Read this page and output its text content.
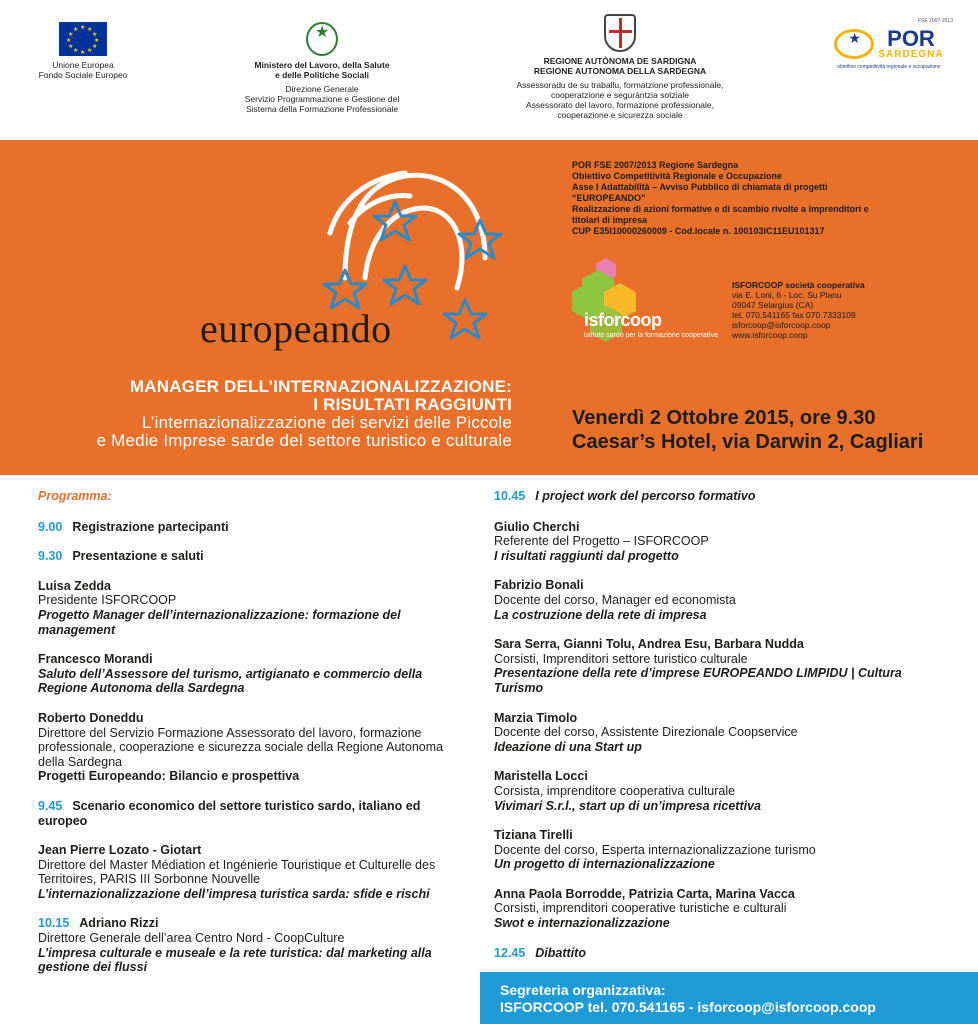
★ ★
★
★
★
★
★
★
★
★
★
★
Unione Europea
Fondo Sociale Europeo
★
Ministero del Lavoro, della Salute
e delle Politiche Sociali
Direzione Generale
Servizio Programmazione e Gestione del
Sistema della Formazione Professionale
REGIONE AUTÒNOMA DE SARDIGNA
REGIONE AUTONOMA DELLA SARDEGNA
Assessoradu de su traballu, formatzione professionale,
cooperatzione e seguràntzia sotziale
Assessorato del lavoro, formazione professionale,
cooperazione e sicurezza sociale
FSE 2007-2013
★
POR
SARDEGNA
obiettivo competitività regionale e occupazione
europeando
POR FSE 2007/2013 Regione Sardegna
Obiettivo Competitività Regionale e Occupazione
Asse I Adattabilità – Avviso Pubblico di chiamata di progetti
“EUROPEANDO”
Realizzazione di azioni formative e di scambio rivolte a imprenditori e
titolari di impresa
CUP E35I10000260009 - Cod.locale n. 100103IC11EU101317
isforcoop
istituto sardo per la formazione cooperativa
ISFORCOOP società cooperativa
via E. Loni, 6 - Loc. Su Planu
09047 Selargius (CA)
tel. 070.541165 fax 070.7333109
isforcoop@isforcoop.coop
www.isforcoop.coop
MANAGER DELL’INTERNAZIONALIZZAZIONE:
I RISULTATI RAGGIUNTI
L’internazionalizzazione dei servizi delle Piccole
e Medie Imprese sarde del settore turistico e culturale
Venerdì 2 Ottobre 2015, ore 9.30
Caesar’s Hotel, via Darwin 2, Cagliari
Programma:
9.00 Registrazione partecipanti
9.30 Presentazione e saluti
Luisa Zedda
Presidente ISFORCOOP
Progetto Manager dell’internazionalizzazione: formazione del management
Francesco Morandi
Saluto dell’Assessore del turismo, artigianato e commercio della Regione Autonoma della Sardegna
Roberto Doneddu
Direttore del Servizio Formazione Assessorato del lavoro, formazione professionale, cooperazione e sicurezza sociale della Regione Autonoma della Sardegna
Progetti Europeando: Bilancio e prospettiva
9.45 Scenario economico del settore turistico sardo, italiano ed europeo
Jean Pierre Lozato - Giotart
Direttore del Master Médiation et Ingénierie Touristique et Culturelle des Territoires, PARIS III Sorbonne Nouvelle
L’internazionalizzazione dell’impresa turistica sarda: sfide e rischi
10.15 Adriano Rizzi
Direttore Generale dell’area Centro Nord - CoopCulture
L’impresa culturale e museale e la rete turistica: dal marketing alla gestione dei flussi
10.45 I project work del percorso formativo
Giulio Cherchi
Referente del Progetto – ISFORCOOP
I risultati raggiunti dal progetto
Fabrizio Bonali
Docente del corso, Manager ed economista
La costruzione della rete di impresa
Sara Serra, Gianni Tolu, Andrea Esu, Barbara Nudda
Corsisti, Imprenditori settore turistico culturale
Presentazione della rete d’imprese EUROPEANDO LIMPIDU | Cultura Turismo
Marzia Timolo
Docente del corso, Assistente Direzionale Coopservice
Ideazione di una Start up
Maristella Locci
Corsista, imprenditore cooperativa culturale
Vivimari S.r.l., start up di un’impresa ricettiva
Tiziana Tirelli
Docente del corso, Esperta internazionalizzazione turismo
Un progetto di internazionalizzazione
Anna Paola Borrodde, Patrizia Carta, Marina Vacca
Corsisti, imprenditori cooperative turistiche e culturali
Swot e internazionalizzazione
12.45 Dibattito
Segreteria organizzativa:
ISFORCOOP tel. 070.541165 - isforcoop@isforcoop.coop
